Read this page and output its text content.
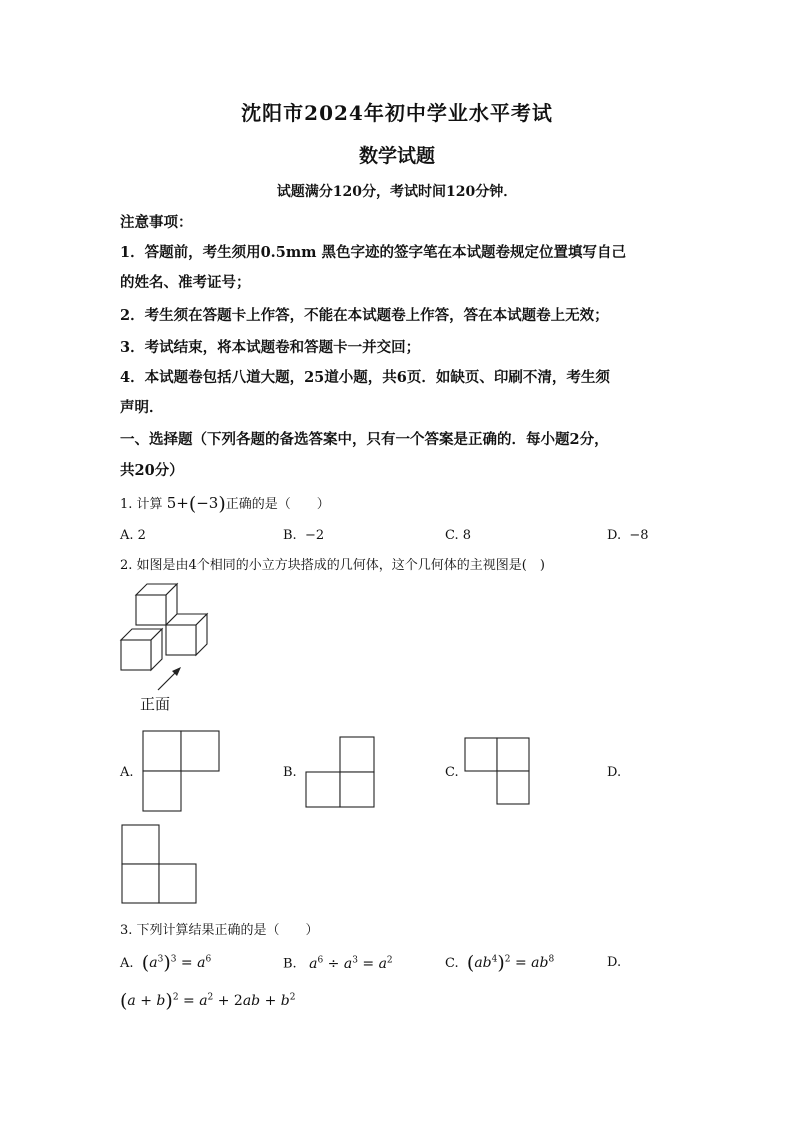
沈阳市2024年初中学业水平考试
数学试题
试题满分120分，考试时间120分钟．
注意事项：
1．答题前，考生须用0.5mm 黑色字迹的签字笔在本试题卷规定位置填写自己
的姓名、准考证号；
2．考生须在答题卡上作答，不能在本试题卷上作答，答在本试题卷上无效；
3．考试结束，将本试题卷和答题卡一并交回；
4．本试题卷包括八道大题，25道小题，共6页．如缺页、印刷不清，考生须
声明．
一、选择题（下列各题的备选答案中，只有一个答案是正确的．每小题2分，
共20分）
1. 计算 5+(−3)正确的是（　　）
A. 2	B. −2	C. 8	D. −8
2. 如图是由4个相同的小立方块搭成的几何体，这个几何体的主视图是(　)
正面
A.	B.	C.	D.
3. 下列计算结果正确的是（　　）
A. $(a^3)^3 = a^6$	B. $a^6 \div a^3 = a^2$	C. $(ab^4)^2 = ab^8$	D.
$(a + b)^2 = a^2 + 2ab + b^2$
